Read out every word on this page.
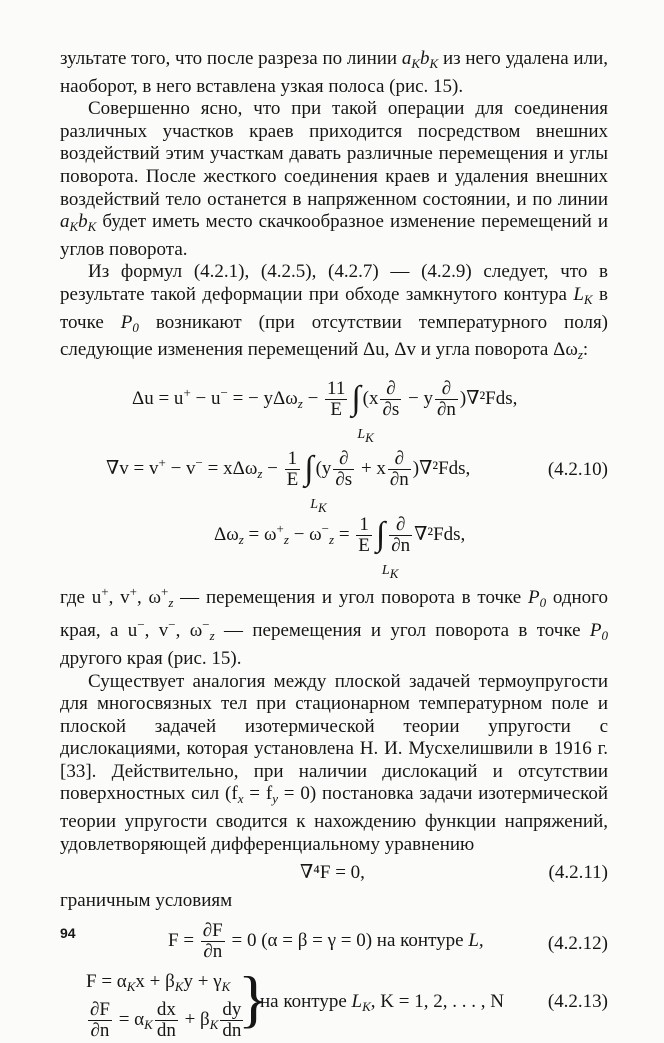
зультате того, что после разреза по линии $a_Kb_K$ из него удалена или, наоборот, в него вставлена узкая полоса (рис. 15).

Совершенно ясно, что при такой операции для соединения различных участков краев приходится посредством внешних воздействий этим участкам давать различные перемещения и углы поворота. После жесткого соединения краев и удаления внешних воздействий тело останется в напряженном состоянии, и по линии $a_Kb_K$ будет иметь место скачкообразное изменение перемещений и углов поворота.

Из формул (4.2.1), (4.2.5), (4.2.7) — (4.2.9) следует, что в результате такой деформации при обходе замкнутого контура $L_K$ в точке $P_0$ возникают (при отсутствии температурного поля) следующие изменения перемещений Δu, Δv и угла поворота $\Delta\omega_z$:

Δu = u+ − u− = − $y\Delta\omega_z - \frac{11}{E}$ ∫
LK
$(x \frac{\partial}{\partial s} - y \frac{\partial}{\partial n} )\nabla^2Fds$,
$\nabla v = v^+ - v^- = x\Delta\omega_z - \frac{1}{E}$ ∫
LK
$(y \frac{\partial}{\partial s} + x \frac{\partial}{\partial n} )\nabla^2Fds$,	(4.2.10)
$\Delta\omega_z = \omega^+_z - \omega^-_z = \frac{1}{E}$ ∫
LK
$\frac{\partial}{\partial n} \nabla^2Fds$,

где u+, v+, $\omega^+_z$ — перемещения и угол поворота в точке $P_0$ одного края, а u−, v−, $\omega^-_z$ — перемещения и угол поворота в точке $P_0$ другого края (рис. 15).

Существует аналогия между плоской задачей термоупругости для многосвязных тел при стационарном температурном поле и плоской задачей изотермической теории упругости с дислокациями, которая установлена Н. И. Мусхелишвили в 1916 г. [33]. Действительно, при наличии дислокаций и отсутствии поверхностных сил $(f_x = f_y = 0)$ постановка задачи изотермической теории упругости сводится к нахождению функции напряжений, удовлетворяющей дифференциальному уравнению

∇⁴F = 0,	(4.2.11)

граничным условиям

$F = \frac{\partial F}{\partial n} = 0$ (α = β = γ = 0) на контуре L,	(4.2.12)
$F = \alpha_Kx + \beta_Ky + \gamma_K$
$\frac{\partial F}{\partial n} = \alpha_K \frac{dx}{dn} + \beta_K \frac{dy}{dn}$
}
на контуре $L_K$, K = 1, 2, . . . , N (4.2.13)
94
